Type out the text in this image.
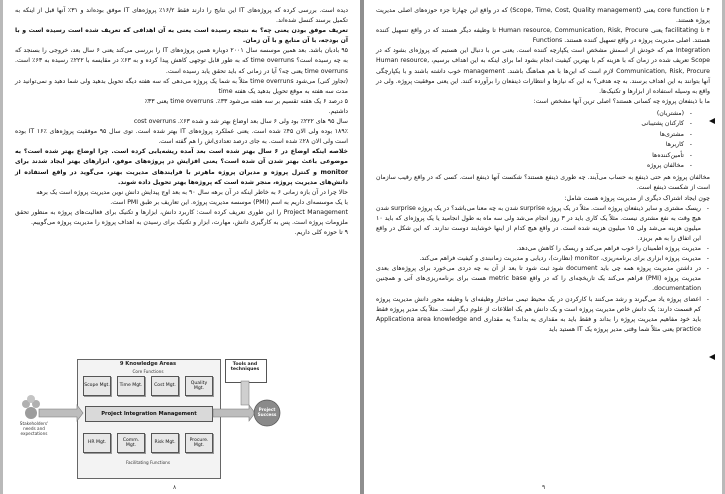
دیده است. بررسی کرده که پروژه‌های IT این نتایج را دارند فقط ۱۶/۲٪ پروژه‌های IT موفق بوده‌اند و ۳۱٪ آنها قبل از اینکه به تکمیل برسند کنسل شده‌اند.

تعریف موفق بودن یعنی چه؟ به نتیجه رسیده است یعنی به آن اهدافی که تعریف شده است رسیده است و با آن بودجه، با آن منابع و با آن زمان.

۹۵ بادبان باشد. بعد همین موسسه سال ۲۰۰۱ دوباره همین پروژه‌های IT را بررسی می‌کند یعنی ۶ سال بعد، خروجی را بسنجد که به چه رسیده است؟ time overruns که به طور قابل توجهی کاهش پیدا کرده و به ۶۳٪ در مقایسه با ۲۲۲٪ رسیده به ۶۳٪ است. time overruns یعنی چه؟ آیا در زمانی که باید تحقق یابد رسیده است.

(تجاوز کنی) می‌شود time overruns مثلاً به شما یک پروژه می‌دهی که سه هفته دیگه تحویل بدهید ولی شما دهید و نمی‌توانید در مدت سه هفته به موقع تحویل بدهید یک هفته time

۵ درصد ۶ یک هفته تقسیم بر سه هفته می‌شود ۳۳٪. time overruns یعنی ۳۳٪

داشتیم.

سال ۹۵ های ۲۲۲٪ بود ولی ۶ سال بعد اوضاع بهتر شد و شده ۶۳٪. cost overruns

۱۸۹٪ بوده ولی الان ۴۵٪ شده است. یعنی عملکرد پروژه‌های IT بهتر شده است. توی سال ۹۵ موفقیت پروژه‌های IT ۱۶٪ بوده است ولی الان ۲۸٪ شده است. به جای درصد تعدادی‌اش را هم گفته است.

خلاصه اینکه اوضاع در ۶ سال بهتر شده است بعد آمده ریشه‌یابی کرده است. چرا اوضاع بهتر شده است؟ به موضوعی باعث بهتر شدن آن شده است؟ یعنی افزایش در پروژه‌های موفق، ابزارهای بهتر ایجاد شدند برای monitor و کنترل پروژه و مدیران پروژه ماهرتر با فرایندهای مدیریت بهتر، می‌گوید در واقع استفاده از دانش‌های مدیریت پروژه، منجر شده است که پروژه‌ها بهتر تحویل داده شوند.

حالا چرا در آن بازه زمانی ۶ به خاطر اینکه در آن برهه سال ۹۰ به بعد اوج پیدایش دانش نوین مدیریت پروژه است یک برهه

با یک موسسه‌ای داریم به اسم (PMI) موسسه مدیریت پروژه. این تعاریف بر طبق PMI است.

Project Management را این طوری تعریف کرده است: کاربرد دانش، ابزارها و تکنیک برای فعالیت‌های پروژه به منظور تحقق ملزومات پروژه است. پس به کارگیری دانش، مهارت، ابزار و تکنیک برای رسیدن به اهداف پروژه را مدیریت پروژه می‌گوییم.

۹ تا حوزه کلی داریم.

9 Knowledge Areas
Core Functions
Scope Mgt.	Time Mgt.	Cost Mgt.
Quality Mgt.
Project Integration Management
HR Mgt.
Comm. Mgt.
Risk Mgt.
Procure. Mgt.
Facilitating Functions
Tools and techniques
Project Success
Stakeholders' needs and expectations
۸

۴ تا core function یعنی (Scope, Time, Cost, Quality management) که در واقع این چهارتا جزء حوزه‌های اصلی مدیریت پروژه هستند.

۴ تا facilitating یعنی Human resource, Communication, Risk, Procure تا وظیفه دیگر هستند که در واقع تسهیل کننده هستند. اصلی مدیریت پروژه در واقع تسهیل کننده هستند. Functions

Integration هم که خودش از اسمش مشخص است یکپارچه کننده است. یعنی من با دنبال این هستیم که پروژه‌ای بشود که در Scope تعریف شده در زمان که با هزینه کم با بهترین کیفیت انجام بشود اما برای اینکه به این اهداف برسیم، Human resource, Communication, Risk, Procure لازم است که این‌ها با هم هماهنگ باشند. management خوب داشته باشند و با یکپارچگی آنها بتوانند به این اهداف برسند. به چه هدفی؟ به این که نیازها و انتظارات ذینفعان را برآورده کنند. این یعنی موفقیت پروژه. ولی در واقع به وسیله استفاده از ابزارها و تکنیک‌ها.

ما با ذینفعان پروژه چه کسانی هستند؟ اصلی ترین آنها مشخص است:

- (مشتریان)
- کارکنان پشتیبانی
- مشتری‌ها
- کاربرها
- تأمین‌کننده‌ها
- مخالفان پروژه

مخالفان پروژه هم حتی ذینفع به حساب می‌آیند. چه طوری ذینفع هستند؟ شکست آنها ذینفع است. کسی که در واقع رقیب سازمان است از شکست ذینفع است.

چون ایجاد اشتراک دیگری از مدیریت پروژه هست شامل:

- ریسک مشتری و سایر ذینفعان پروژه است. مثلاً در یک پروژه surprise شدن به چه معنا می‌باشد؟ در یک پروژه surprise شدن هیچ وقت به نفع مشتری نیست. مثلاً یک کاری باید در ۳ روز انجام می‌شد ولی سه ماه به طول انجامید یا یک پروژه‌ای که باید ۱۰ میلیون هزینه می‌شد ولی ۱۵ میلیون هزینه شده است. در واقع هیچ کدام از اینها خوشایند دوست ندارند. که این شکل در واقع این اتفاق را به هم بریزد.

- مدیریت پروژه اطمینان را خوب فراهم می‌کند و ریسک را کاهش می‌دهد.

- مدیریت پروژه ابزاری برای برنامه‌ریزی، monitor (نظارت)، ردیابی و مدیریت زمانبندی و کیفیت فراهم می‌کند.

- در داشتن مدیریت پروژه همه چی باید document شود ثبت شود تا بعد از آن به چه دردی می‌خورد برای پروژه‌های بعدی مدیریت پروژه (PMI) فراهم می‌کند یک تاریخچه‌ای را که در واقع metric base هست برای برنامه‌ریزی‌های آتی و همچنین documentation.

- اعضای پروژه یاد می‌گیرند و رشد می‌کنند با کارکردن در یک محیط تیمی ساختار وظیفه‌ای با وظیفه محور دانش مدیریت پروژه کم قسمت دارند: یک دانش خاص مدیریت پروژه است و یک دانش هم یک اطلاعات از علوم دیگر است. مثلاً یک مدیر پروژه فقط باید خود مفاهیم مدیریت پروژه را بداند و فقط باید به مقداری یه بداند؟ یه مقداری Applicationa area knowledge and practice یعنی مثلاً شما وقتی مدیر پروژه یک IT هستید باید

۹
